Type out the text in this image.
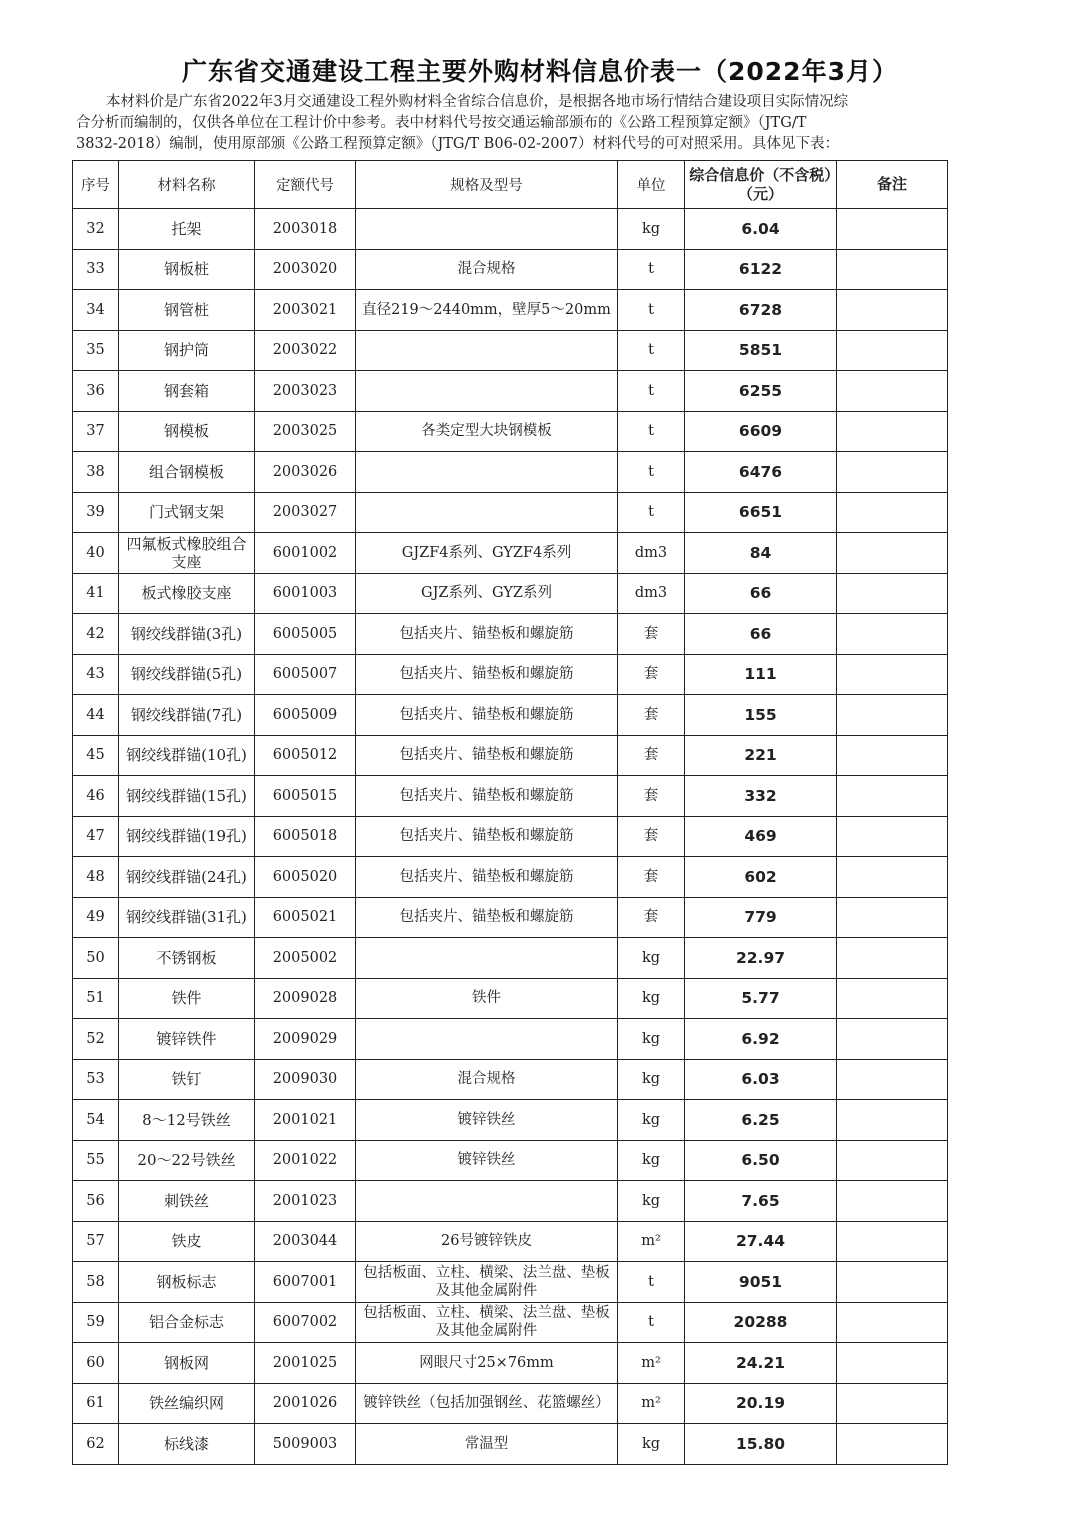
广东省交通建设工程主要外购材料信息价表一（2022年3月）
本材料价是广东省2022年3月交通建设工程外购材料全省综合信息价，是根据各地市场行情结合建设项目实际情况综
合分析而编制的，仅供各单位在工程计价中参考。表中材料代号按交通运输部颁布的《公路工程预算定额》（JTG/T
3832-2018）编制，使用原部颁《公路工程预算定额》（JTG/T B06-02-2007）材料代号的可对照采用。具体见下表：
序号	材料名称	定额代号	规格及型号	单位	综合信息价（不含税）（元）	备注
32	托架	2003018		kg	6.04	
33	钢板桩	2003020	混合规格	t	6122	
34	钢管桩	2003021	直径219～2440mm，壁厚5～20mm	t	6728	
35	钢护筒	2003022		t	5851	
36	钢套箱	2003023		t	6255	
37	钢模板	2003025	各类定型大块钢模板	t	6609	
38	组合钢模板	2003026		t	6476	
39	门式钢支架	2003027		t	6651	
40	四氟板式橡胶组合支座	6001002	GJZF4系列、GYZF4系列	dm3	84	
41	板式橡胶支座	6001003	GJZ系列、GYZ系列	dm3	66	
42	钢绞线群锚(3孔)	6005005	包括夹片、锚垫板和螺旋筋	套	66	
43	钢绞线群锚(5孔)	6005007	包括夹片、锚垫板和螺旋筋	套	111	
44	钢绞线群锚(7孔)	6005009	包括夹片、锚垫板和螺旋筋	套	155	
45	钢绞线群锚(10孔)	6005012	包括夹片、锚垫板和螺旋筋	套	221	
46	钢绞线群锚(15孔)	6005015	包括夹片、锚垫板和螺旋筋	套	332	
47	钢绞线群锚(19孔)	6005018	包括夹片、锚垫板和螺旋筋	套	469	
48	钢绞线群锚(24孔)	6005020	包括夹片、锚垫板和螺旋筋	套	602	
49	钢绞线群锚(31孔)	6005021	包括夹片、锚垫板和螺旋筋	套	779	
50	不锈钢板	2005002		kg	22.97	
51	铁件	2009028	铁件	kg	5.77	
52	镀锌铁件	2009029		kg	6.92	
53	铁钉	2009030	混合规格	kg	6.03	
54	8～12号铁丝	2001021	镀锌铁丝	kg	6.25	
55	20～22号铁丝	2001022	镀锌铁丝	kg	6.50	
56	刺铁丝	2001023		kg	7.65	
57	铁皮	2003044	26号镀锌铁皮	m²	27.44	
58	钢板标志	6007001	包括板面、立柱、横梁、法兰盘、垫板及其他金属附件	t	9051	
59	铝合金标志	6007002	包括板面、立柱、横梁、法兰盘、垫板及其他金属附件	t	20288	
60	钢板网	2001025	网眼尺寸25×76mm	m²	24.21	
61	铁丝编织网	2001026	镀锌铁丝（包括加强钢丝、花篮螺丝）	m²	20.19	
62	标线漆	5009003	常温型	kg	15.80	
